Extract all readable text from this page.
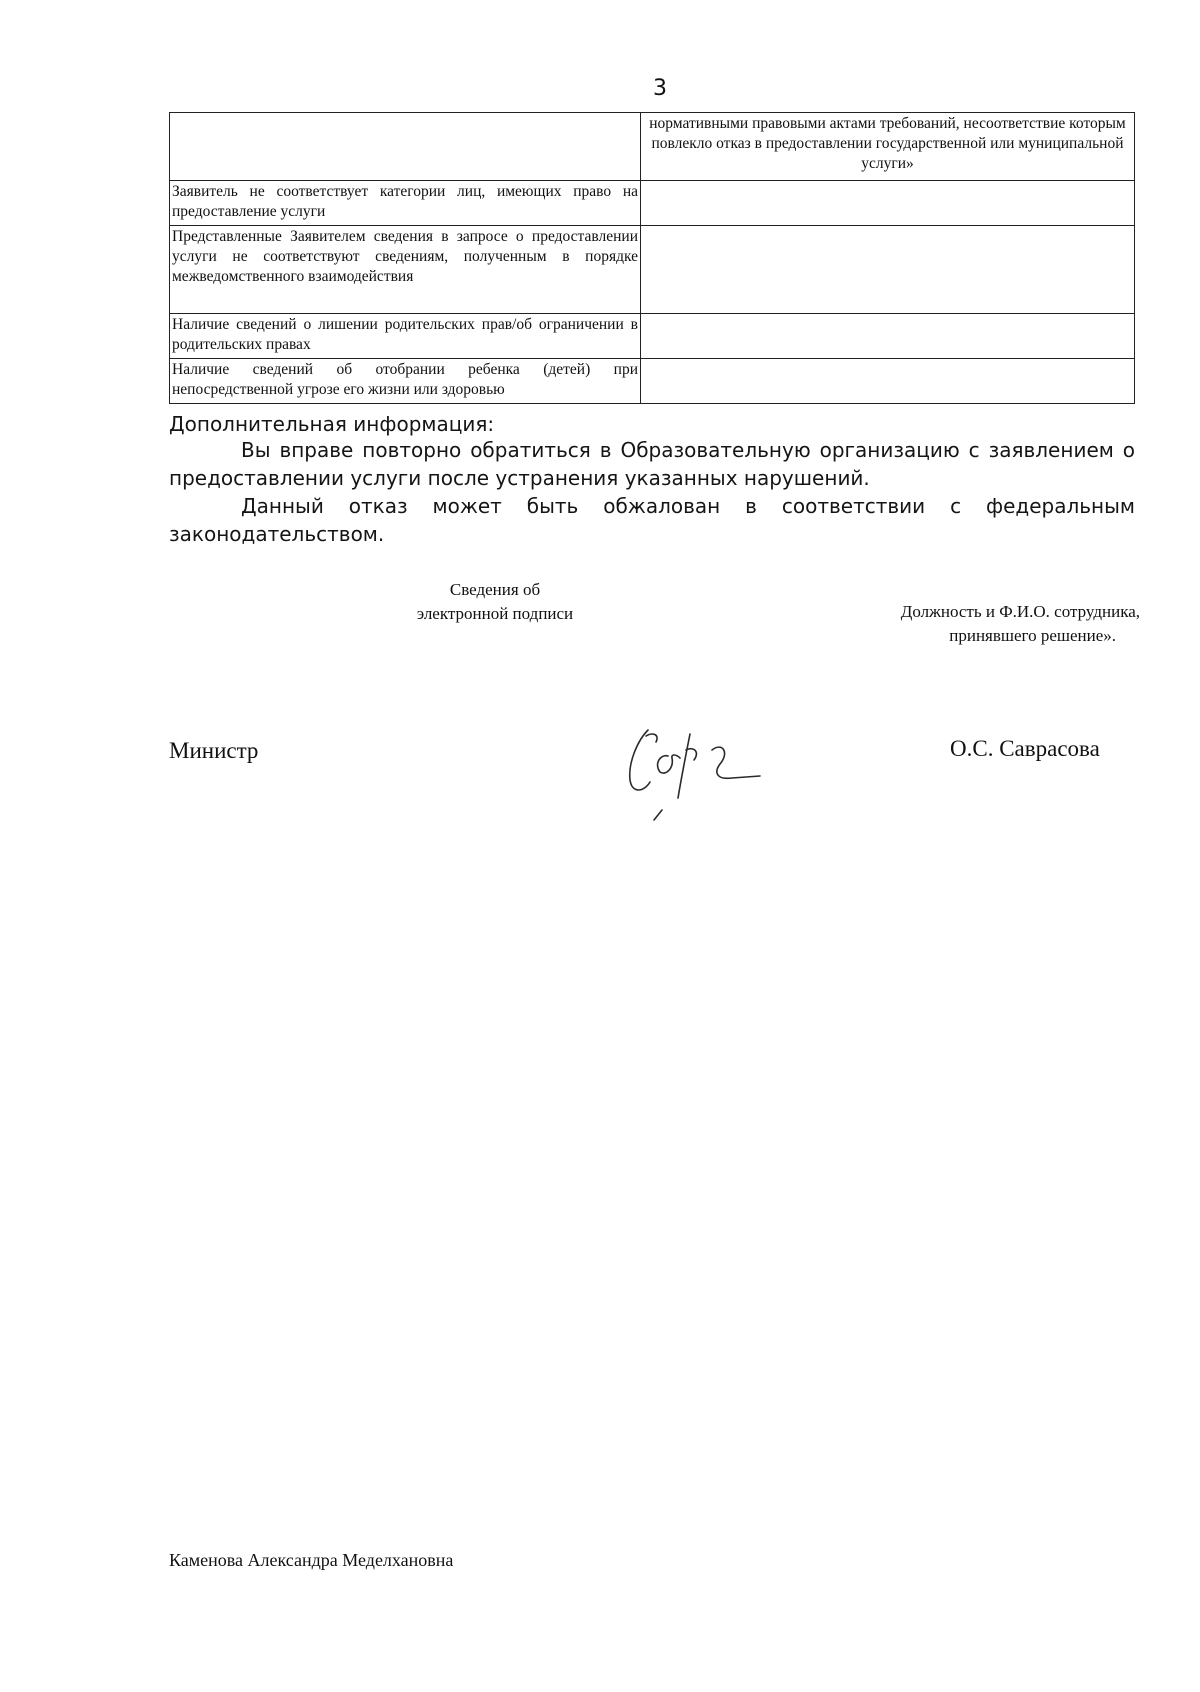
3

	нормативными правовыми актами требований, несоответствие которым повлекло отказ в предоставлении государственной или муниципальной услуги»

Заявитель не соответствует категории лиц, имеющих право на предоставление услуги	

Представленные Заявителем сведения в запросе о предоставлении услуги не соответствуют сведениям, полученным в порядке межведомственного взаимодействия	

Наличие сведений о лишении родительских прав/об ограничении в родительских правах	

Наличие сведений об отобрании ребенка (детей) при непосредственной угрозе его жизни или здоровью	

Дополнительная информация:
Вы вправе повторно обратиться в Образовательную организацию с заявлением о предоставлении услуги после устранения указанных нарушений.
Данный отказ может быть обжалован в соответствии с федеральным законодательством.
Сведения об
электронной подписи	Должность и Ф.И.О. сотрудника,
принявшего решение».
Министр	О.С. Саврасова
Каменова Александра Меделхановна
